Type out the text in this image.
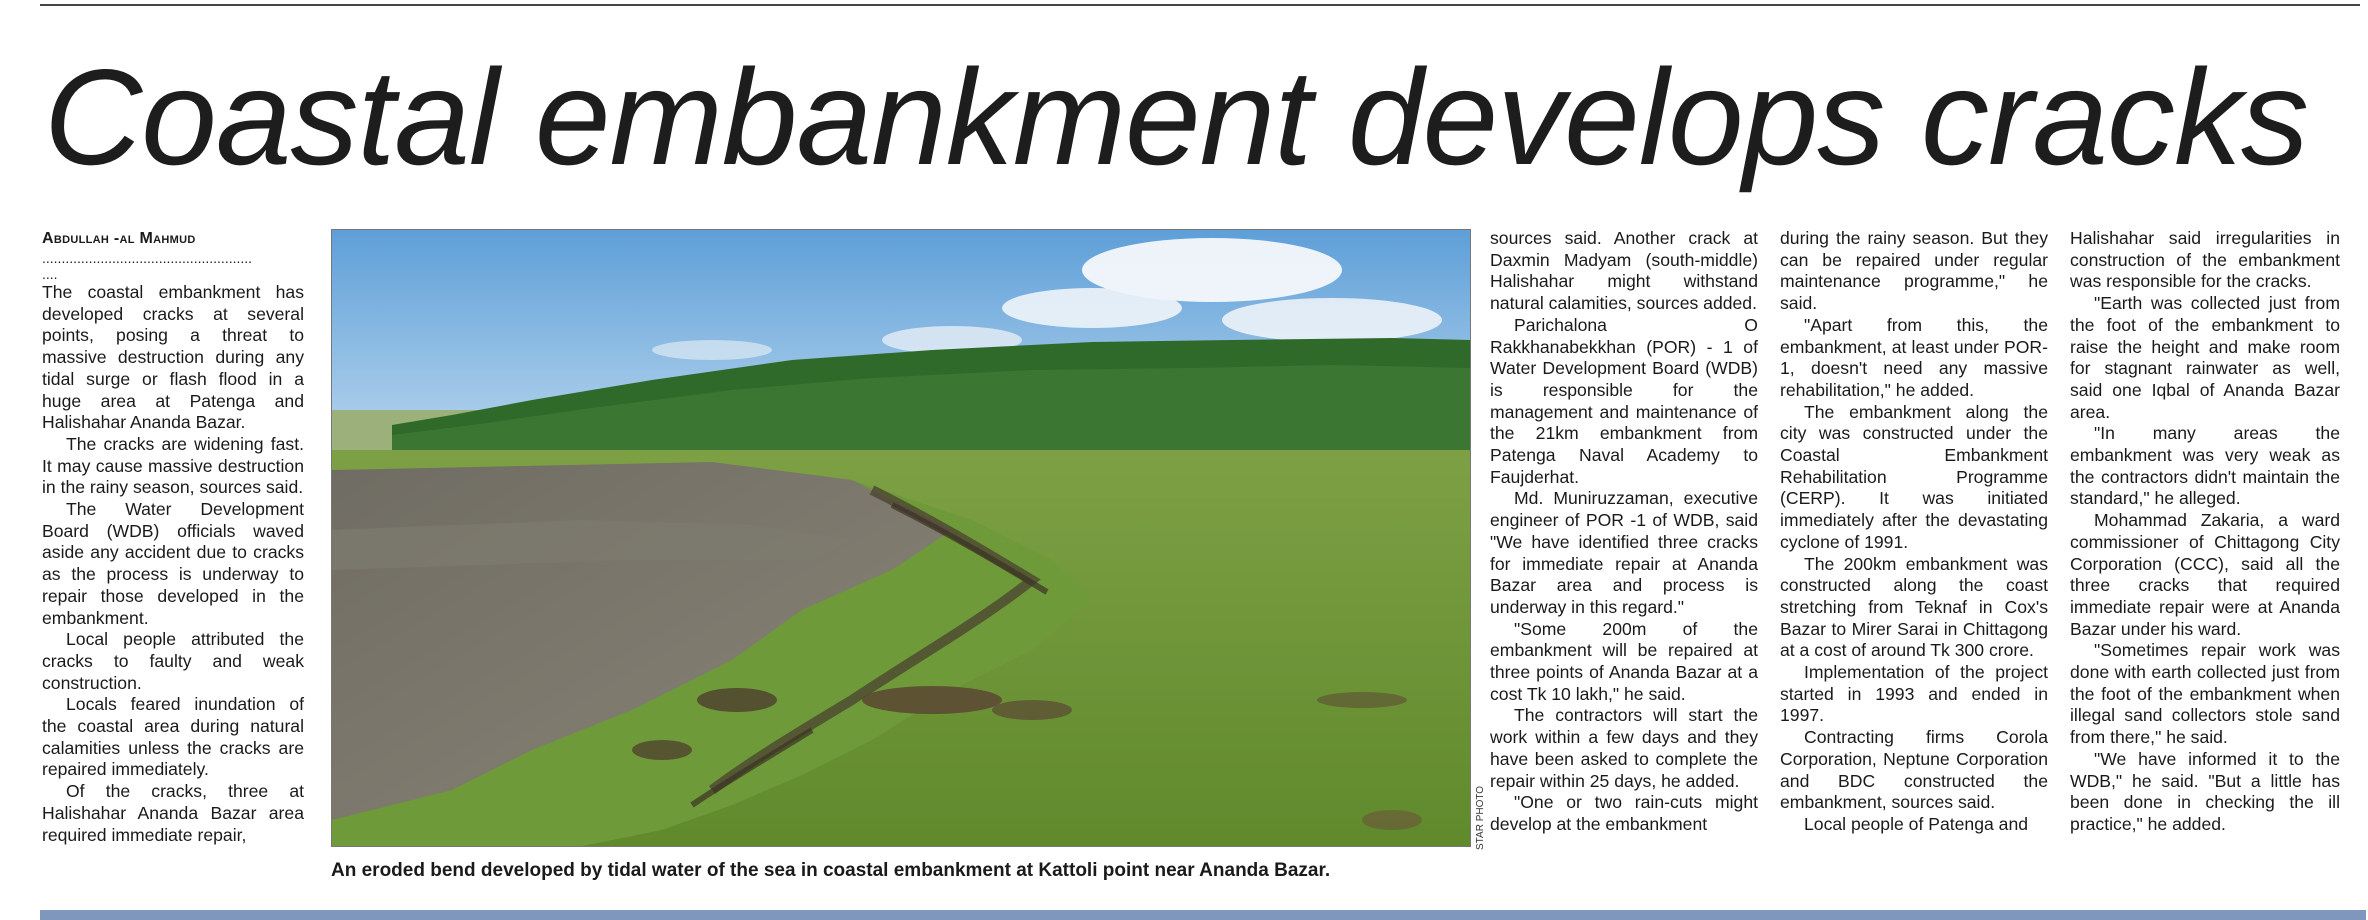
Coastal embankment develops cracks
Abdullah -al Mahmud
......................................................
....

The coastal embankment has developed cracks at several points, posing a threat to massive destruction during any tidal surge or flash flood in a huge area at Patenga and Halishahar Ananda Bazar.

The cracks are widening fast. It may cause massive destruction in the rainy season, sources said.

The Water Development Board (WDB) officials waved aside any accident due to cracks as the process is underway to repair those developed in the embankment.

Local people attributed the cracks to faulty and weak construction.

Locals feared inundation of the coastal area during natural calamities unless the cracks are repaired immediately.

Of the cracks, three at Halishahar Ananda Bazar area required immediate repair,	STAR PHOTO
An eroded bend developed by tidal water of the sea in coastal embankment at Kattoli point near Ananda Bazar.

sources said. Another crack at Daxmin Madyam (south-middle) Halishahar might withstand natural calamities, sources added.

Parichalona O Rakkhanabekkhan (POR) - 1 of Water Development Board (WDB) is responsible for the management and maintenance of the 21km embankment from Patenga Naval Academy to Faujderhat.

Md. Muniruzzaman, executive engineer of POR -1 of WDB, said "We have identified three cracks for immediate repair at Ananda Bazar area and process is underway in this regard."

"Some 200m of the embankment will be repaired at three points of Ananda Bazar at a cost Tk 10 lakh," he said.

The contractors will start the work within a few days and they have been asked to complete the repair within 25 days, he added.

"One or two rain-cuts might develop at the embankment

during the rainy season. But they can be repaired under regular maintenance programme," he said.

"Apart from this, the embankment, at least under POR-1, doesn't need any massive rehabilitation," he added.

The embankment along the city was constructed under the Coastal Embankment Rehabilitation Programme (CERP). It was initiated immediately after the devastating cyclone of 1991.

The 200km embankment was constructed along the coast stretching from Teknaf in Cox's Bazar to Mirer Sarai in Chittagong at a cost of around Tk 300 crore.

Implementation of the project started in 1993 and ended in 1997.

Contracting firms Corola Corporation, Neptune Corporation and BDC constructed the embankment, sources said.

Local people of Patenga and

Halishahar said irregularities in construction of the embankment was responsible for the cracks.

"Earth was collected just from the foot of the embankment to raise the height and make room for stagnant rainwater as well, said one Iqbal of Ananda Bazar area.

"In many areas the embankment was very weak as the contractors didn't maintain the standard," he alleged.

Mohammad Zakaria, a ward commissioner of Chittagong City Corporation (CCC), said all the three cracks that required immediate repair were at Ananda Bazar under his ward.

"Sometimes repair work was done with earth collected just from the foot of the embankment when illegal sand collectors stole sand from there," he said.

"We have informed it to the WDB," he said. "But a little has been done in checking the ill practice," he added.
